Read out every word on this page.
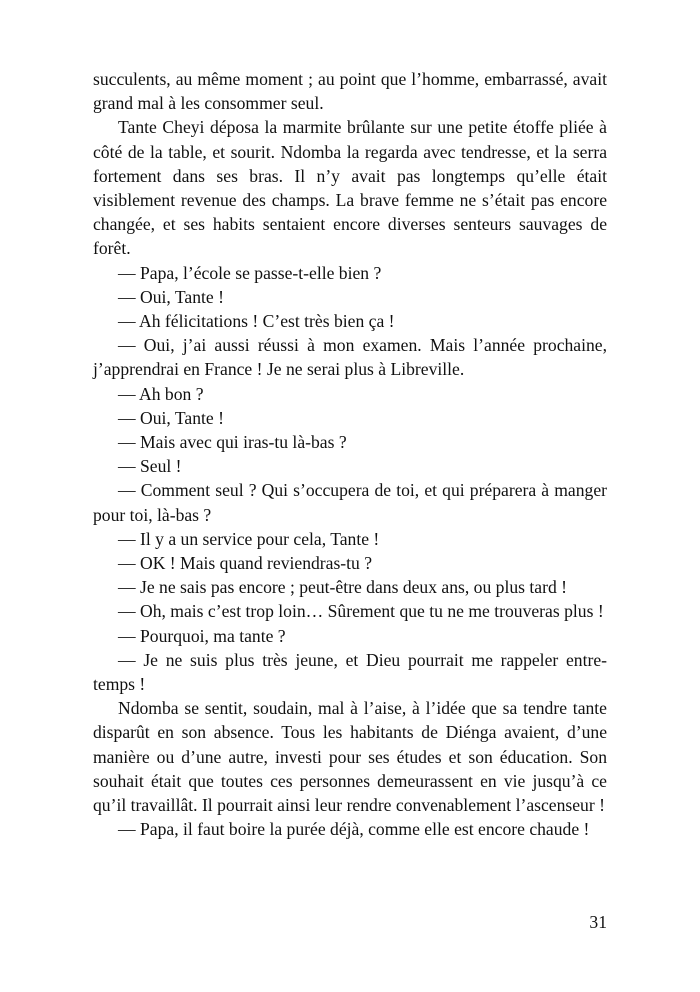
succulents, au même moment ; au point que l’homme, embarrassé, avait grand mal à les consommer seul.

Tante Cheyi déposa la marmite brûlante sur une petite étoffe pliée à côté de la table, et sourit. Ndomba la regarda avec tendresse, et la serra fortement dans ses bras. Il n’y avait pas longtemps qu’elle était visiblement revenue des champs. La brave femme ne s’était pas encore changée, et ses habits sentaient encore diverses senteurs sauvages de forêt.

— Papa, l’école se passe-t-elle bien ?

— Oui, Tante !

— Ah félicitations ! C’est très bien ça !

— Oui, j’ai aussi réussi à mon examen. Mais l’année prochaine, j’apprendrai en France ! Je ne serai plus à Libreville.

— Ah bon ?

— Oui, Tante !

— Mais avec qui iras-tu là-bas ?

— Seul !

— Comment seul ? Qui s’occupera de toi, et qui préparera à manger pour toi, là-bas ?

— Il y a un service pour cela, Tante !

— OK ! Mais quand reviendras-tu ?

— Je ne sais pas encore ; peut-être dans deux ans, ou plus tard !

— Oh, mais c’est trop loin… Sûrement que tu ne me trouveras plus !

— Pourquoi, ma tante ?

— Je ne suis plus très jeune, et Dieu pourrait me rappeler entre-temps !

Ndomba se sentit, soudain, mal à l’aise, à l’idée que sa tendre tante disparût en son absence. Tous les habitants de Diénga avaient, d’une manière ou d’une autre, investi pour ses études et son éducation. Son souhait était que toutes ces personnes demeurassent en vie jusqu’à ce qu’il travaillât. Il pourrait ainsi leur rendre convenablement l’ascenseur !

— Papa, il faut boire la purée déjà, comme elle est encore chaude !

31
